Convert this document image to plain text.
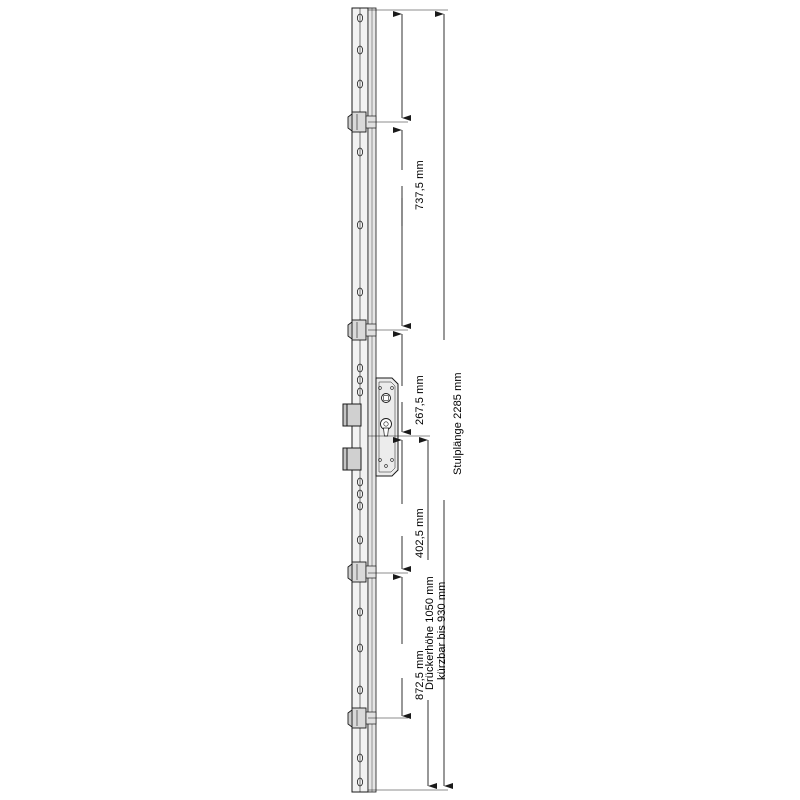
737,5 mm
267,5 mm
402,5 mm
872,5 mm
Stulplänge 2285 mm
Drückerhöhe 1050 mm kürzbar bis 930 mm
